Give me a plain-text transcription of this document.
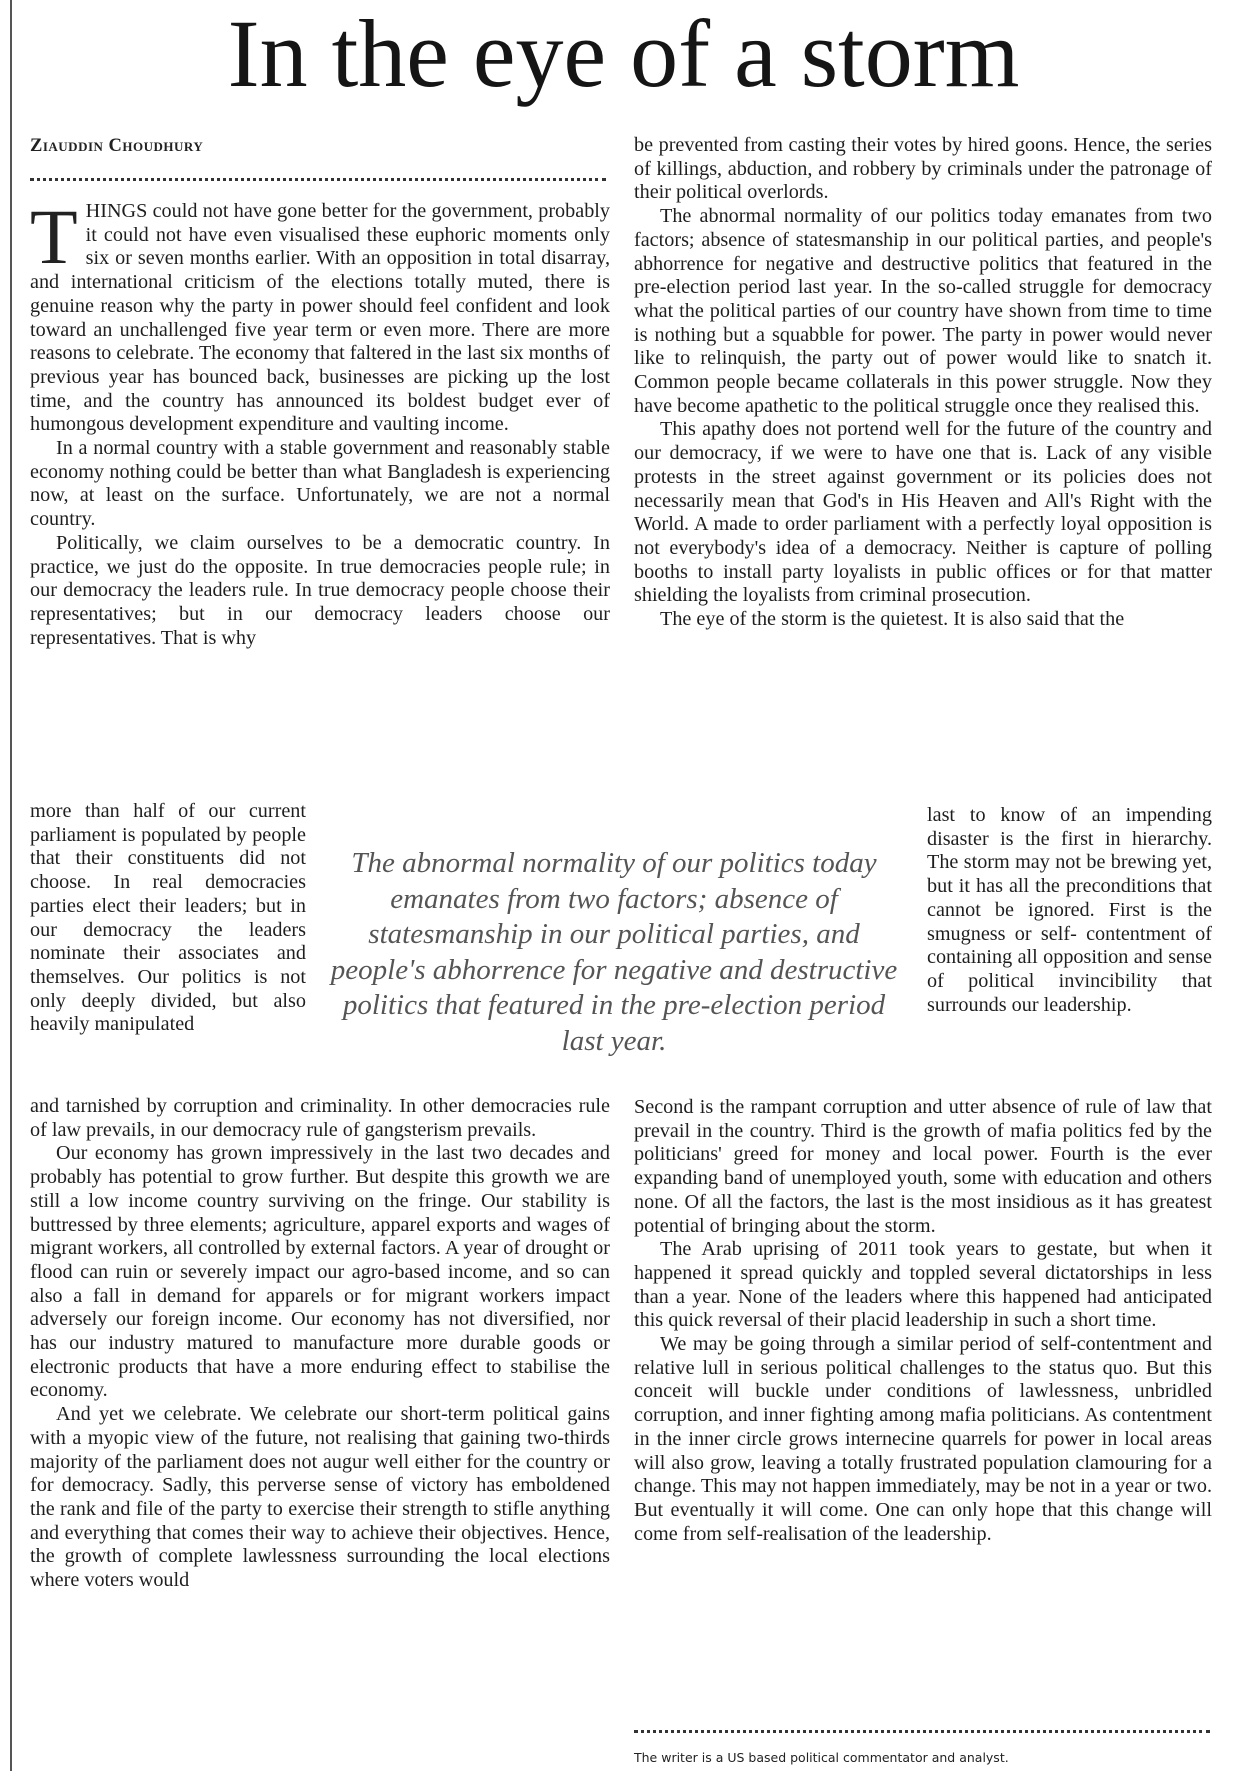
In the eye of a storm
Ziauddin Choudhury

THINGS could not have gone better for the government, probably it could not have even visualised these euphoric moments only six or seven months earlier. With an opposition in total disarray, and international criticism of the elections totally muted, there is genuine reason why the party in power should feel confident and look toward an unchallenged five year term or even more. There are more reasons to celebrate. The economy that faltered in the last six months of previous year has bounced back, businesses are picking up the lost time, and the country has announced its boldest budget ever of humongous development expenditure and vaulting income.

In a normal country with a stable government and reasonably stable economy nothing could be better than what Bangladesh is experiencing now, at least on the surface. Unfortunately, we are not a normal country.

Politically, we claim ourselves to be a democratic country. In practice, we just do the opposite. In true democracies people rule; in our democracy the leaders rule. In true democracy people choose their representatives; but in our democracy leaders choose our representatives. That is why

more than half of our current parliament is populated by people that their constituents did not choose. In real democracies parties elect their leaders; but in our democracy the leaders nominate their associates and themselves. Our politics is not only deeply divided, but also heavily manipulated

and tarnished by corruption and criminality. In other democracies rule of law prevails, in our democracy rule of gangsterism prevails.

Our economy has grown impressively in the last two decades and probably has potential to grow further. But despite this growth we are still a low income country surviving on the fringe. Our stability is buttressed by three elements; agriculture, apparel exports and wages of migrant workers, all controlled by external factors. A year of drought or flood can ruin or severely impact our agro-based income, and so can also a fall in demand for apparels or for migrant workers impact adversely our foreign income. Our economy has not diversified, nor has our industry matured to manufacture more durable goods or electronic products that have a more enduring effect to stabilise the economy.

And yet we celebrate. We celebrate our short-term political gains with a myopic view of the future, not realising that gaining two-thirds majority of the parliament does not augur well either for the country or for democracy. Sadly, this perverse sense of victory has emboldened the rank and file of the party to exercise their strength to stifle anything and everything that comes their way to achieve their objectives. Hence, the growth of complete lawlessness surrounding the local elections where voters would

be prevented from casting their votes by hired goons. Hence, the series of killings, abduction, and robbery by criminals under the patronage of their political overlords.

The abnormal normality of our politics today emanates from two factors; absence of statesmanship in our political parties, and people's abhorrence for negative and destructive politics that featured in the pre-election period last year. In the so-called struggle for democracy what the political parties of our country have shown from time to time is nothing but a squabble for power. The party in power would never like to relinquish, the party out of power would like to snatch it. Common people became collaterals in this power struggle. Now they have become apathetic to the political struggle once they realised this.

This apathy does not portend well for the future of the country and our democracy, if we were to have one that is. Lack of any visible protests in the street against government or its policies does not necessarily mean that God's in His Heaven and All's Right with the World. A made to order parliament with a perfectly loyal opposition is not everybody's idea of a democracy. Neither is capture of polling booths to install party loyalists in public offices or for that matter shielding the loyalists from criminal prosecution.

The eye of the storm is the quietest. It is also said that the

last to know of an impending disaster is the first in hierarchy. The storm may not be brewing yet, but it has all the preconditions that cannot be ignored. First is the smugness or self- contentment of containing all opposition and sense of political invincibility that surrounds our leadership.

Second is the rampant corruption and utter absence of rule of law that prevail in the country. Third is the growth of mafia politics fed by the politicians' greed for money and local power. Fourth is the ever expanding band of unemployed youth, some with education and others none. Of all the factors, the last is the most insidious as it has greatest potential of bringing about the storm.

The Arab uprising of 2011 took years to gestate, but when it happened it spread quickly and toppled several dictatorships in less than a year. None of the leaders where this happened had anticipated this quick reversal of their placid leadership in such a short time.

We may be going through a similar period of self-contentment and relative lull in serious political challenges to the status quo. But this conceit will buckle under conditions of lawlessness, unbridled corruption, and inner fighting among mafia politicians. As contentment in the inner circle grows internecine quarrels for power in local areas will also grow, leaving a totally frustrated population clamouring for a change. This may not happen immediately, may be not in a year or two. But eventually it will come. One can only hope that this change will come from self-realisation of the leadership.

The abnormal normality of our politics today emanates from two factors; absence of statesmanship in our political parties, and people's abhorrence for negative and destructive politics that featured in the pre-election period last year.

The writer is a US based political commentator and analyst.
